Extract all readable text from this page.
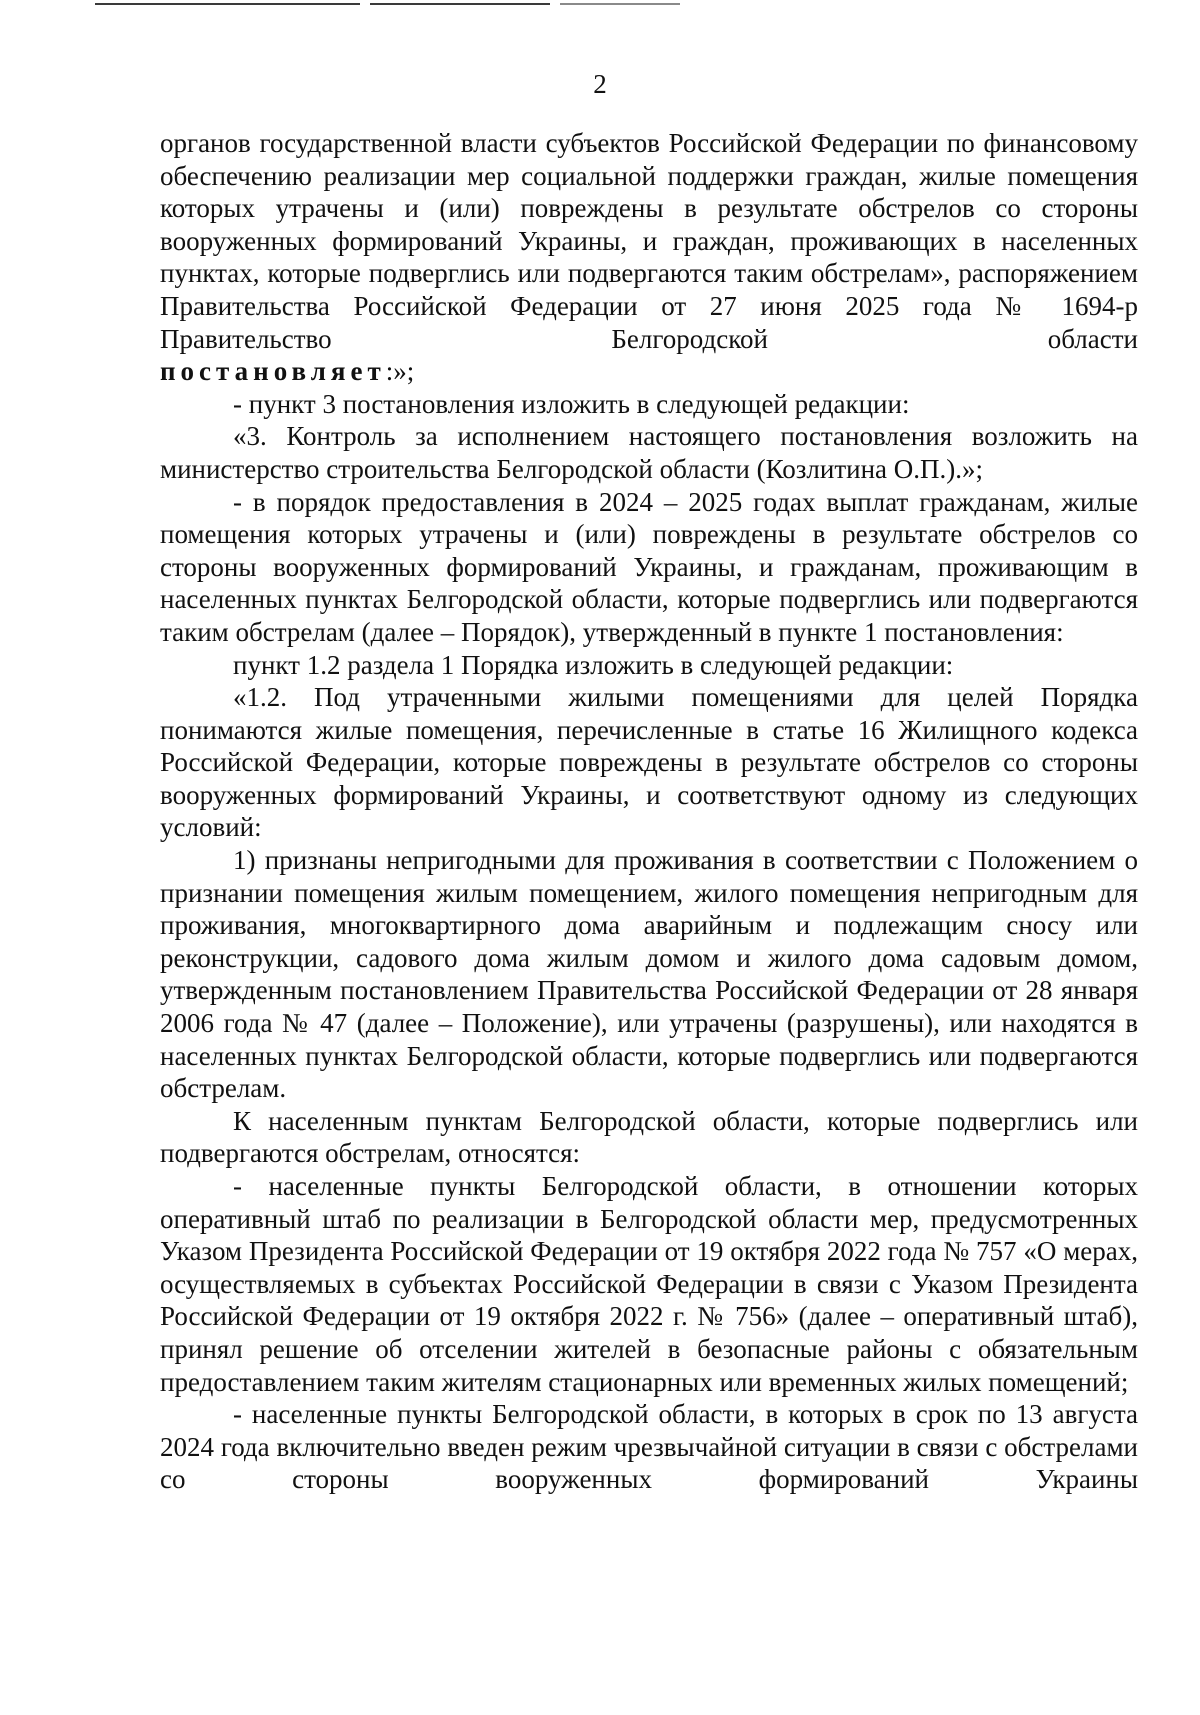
2

органов государственной власти субъектов Российской Федерации по финансовому обеспечению реализации мер социальной поддержки граждан, жилые помещения которых утрачены и (или) повреждены в результате обстрелов со стороны вооруженных формирований Украины, и граждан, проживающих в населенных пунктах, которые подверглись или подвергаются таким обстрелам», распоряжением Правительства Российской Федерации от 27 июня 2025 года № 1694-р Правительство Белгородской области

постановляет:»;

- пункт 3 постановления изложить в следующей редакции:

«3. Контроль за исполнением настоящего постановления возложить на министерство строительства Белгородской области (Козлитина О.П.).»;

- в порядок предоставления в 2024 – 2025 годах выплат гражданам, жилые помещения которых утрачены и (или) повреждены в результате обстрелов со стороны вооруженных формирований Украины, и гражданам, проживающим в населенных пунктах Белгородской области, которые подверглись или подвергаются таким обстрелам (далее – Порядок), утвержденный в пункте 1 постановления:

пункт 1.2 раздела 1 Порядка изложить в следующей редакции:

«1.2. Под утраченными жилыми помещениями для целей Порядка понимаются жилые помещения, перечисленные в статье 16 Жилищного кодекса Российской Федерации, которые повреждены в результате обстрелов со стороны вооруженных формирований Украины, и соответствуют одному из следующих условий:

1) признаны непригодными для проживания в соответствии с Положением о признании помещения жилым помещением, жилого помещения непригодным для проживания, многоквартирного дома аварийным и подлежащим сносу или реконструкции, садового дома жилым домом и жилого дома садовым домом, утвержденным постановлением Правительства Российской Федерации от 28 января 2006 года № 47 (далее – Положение), или утрачены (разрушены), или находятся в населенных пунктах Белгородской области, которые подверглись или подвергаются обстрелам.

К населенным пунктам Белгородской области, которые подверглись или подвергаются обстрелам, относятся:

- населенные пункты Белгородской области, в отношении которых оперативный штаб по реализации в Белгородской области мер, предусмотренных Указом Президента Российской Федерации от 19 октября 2022 года № 757 «О мерах, осуществляемых в субъектах Российской Федерации в связи с Указом Президента Российской Федерации от 19 октября 2022 г. № 756» (далее – оперативный штаб), принял решение об отселении жителей в безопасные районы с обязательным предоставлением таким жителям стационарных или временных жилых помещений;

- населенные пункты Белгородской области, в которых в срок по 13 августа 2024 года включительно введен режим чрезвычайной ситуации в связи с обстрелами со стороны вооруженных формирований Украины
